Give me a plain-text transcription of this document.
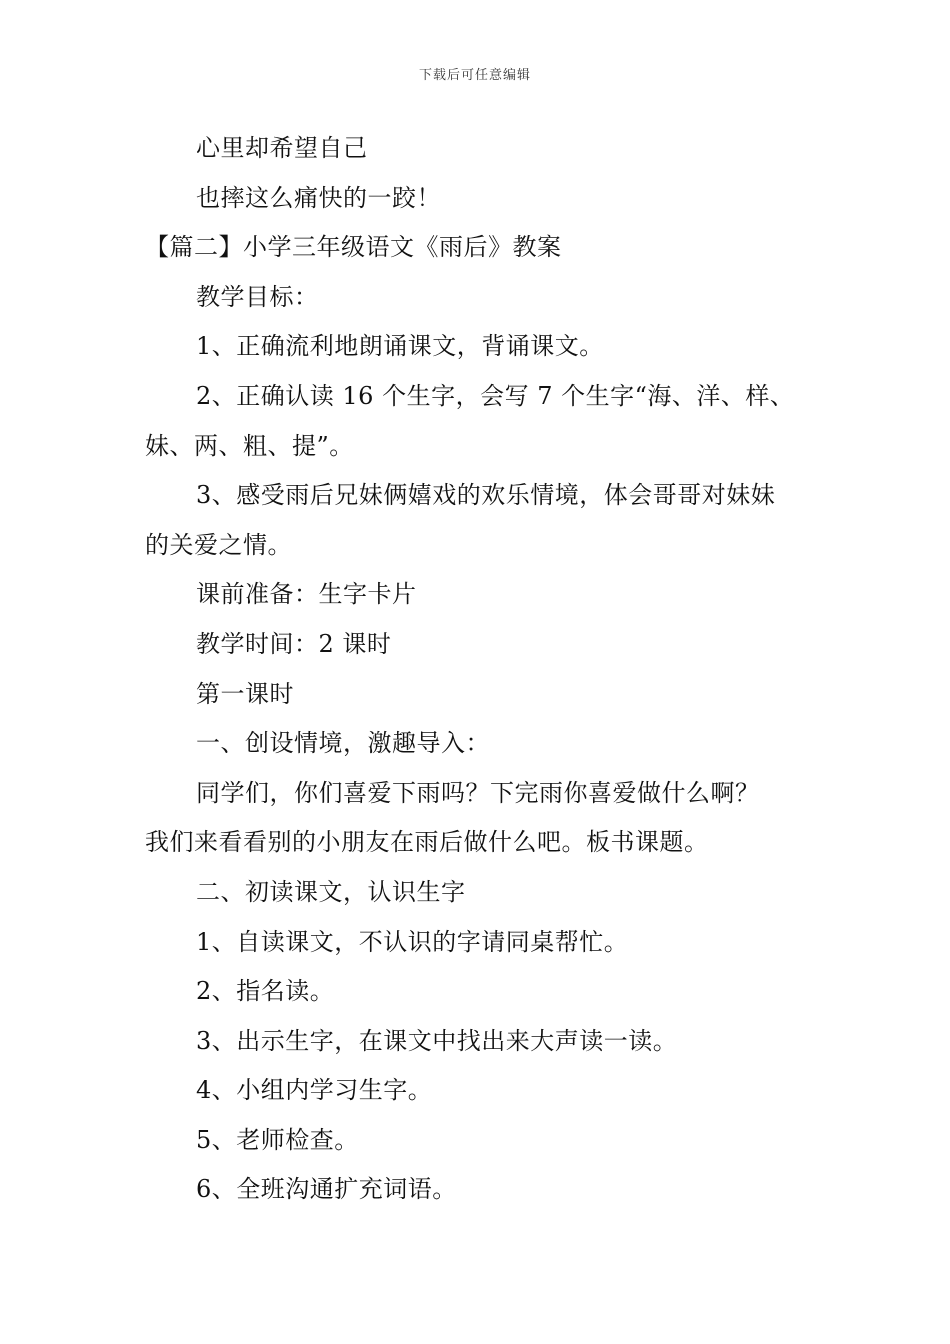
下载后可任意编辑
心里却希望自己
也摔这么痛快的一跤！
【篇二】小学三年级语文《雨后》教案
教学目标：
1、正确流利地朗诵课文，背诵课文。
2、正确认读 16 个生字，会写 7 个生字“海、洋、样、
妹、两、粗、提”。
3、感受雨后兄妹俩嬉戏的欢乐情境，体会哥哥对妹妹
的关爱之情。
课前准备：生字卡片
教学时间：2 课时
第一课时
一、创设情境，激趣导入：
同学们，你们喜爱下雨吗？下完雨你喜爱做什么啊？
我们来看看别的小朋友在雨后做什么吧。板书课题。
二、初读课文，认识生字
1、自读课文，不认识的字请同桌帮忙。
2、指名读。
3、出示生字，在课文中找出来大声读一读。
4、小组内学习生字。
5、老师检查。
6、全班沟通扩充词语。
